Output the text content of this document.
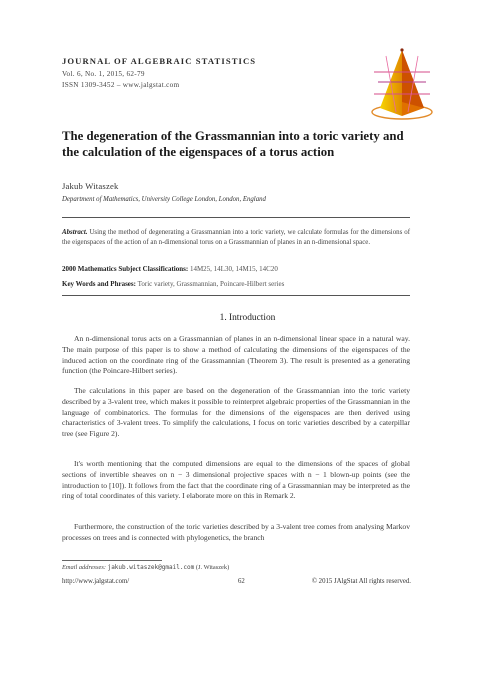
JOURNAL OF ALGEBRAIC STATISTICS
Vol. 6, No. 1, 2015, 62-79
ISSN 1309-3452 – www.jalgstat.com
The degeneration of the Grassmannian into a toric variety and the calculation of the eigenspaces of a torus action
Jakub Witaszek
Department of Mathematics, University College London, London, England
Abstract. Using the method of degenerating a Grassmannian into a toric variety, we calculate formulas for the dimensions of the eigenspaces of the action of an n-dimensional torus on a Grassmannian of planes in an n-dimensional space.
2000 Mathematics Subject Classifications: 14M25, 14L30, 14M15, 14C20
Key Words and Phrases: Toric variety, Grassmannian, Poincare-Hilbert series
1. Introduction

An n-dimensional torus acts on a Grassmannian of planes in an n-dimensional linear space in a natural way. The main purpose of this paper is to show a method of calculating the dimensions of the eigenspaces of the induced action on the coordinate ring of the Grassmannian (Theorem 3). The result is presented as a generating function (the Poincare-Hilbert series).

The calculations in this paper are based on the degeneration of the Grassmannian into the toric variety described by a 3-valent tree, which makes it possible to reinterpret algebraic properties of the Grassmannian in the language of combinatorics. The formulas for the dimensions of the eigenspaces are then derived using characteristics of 3-valent trees. To simplify the calculations, I focus on toric varieties described by a caterpillar tree (see Figure 2).

It's worth mentioning that the computed dimensions are equal to the dimensions of the spaces of global sections of invertible sheaves on n − 3 dimensional projective spaces with n − 1 blown-up points (see the introduction to [10]). It follows from the fact that the coordinate ring of a Grassmannian may be interpreted as the ring of total coordinates of this variety. I elaborate more on this in Remark 2.

Furthermore, the construction of the toric varieties described by a 3-valent tree comes from analysing Markov processes on trees and is connected with phylogenetics, the branch

Email addresses: jakub.witaszek@gmail.com (J. Witaszek)
http://www.jalgstat.com/	62	© 2015 JAlgStat All rights reserved.
